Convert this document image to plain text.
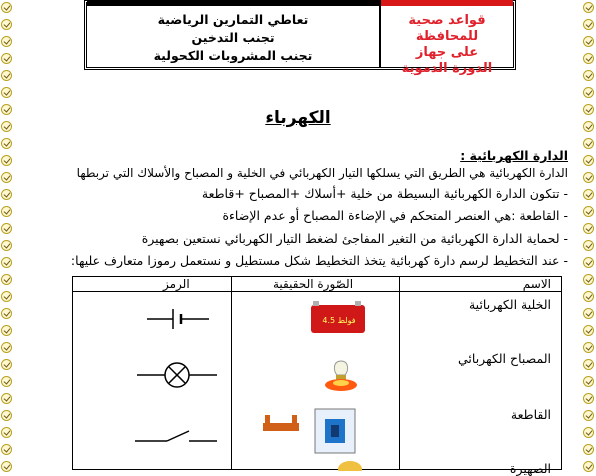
قواعد صحية للمحافظة
على جهاز
الدورة الدموية
تعاطي التمارين الرياضية
تجنب التدخين
تجنب المشروبات الكحولية
الكهرباء
الدارة الكهربائية :
الدارة الكهربائية هي الطريق التي يسلكها التيار الكهربائي في الخلية و المصباح والأسلاك التي تربطها
- تتكون الدارة الكهربائية البسيطة من خلية +أسلاك +المصباح +قاطعة
- القاطعة :هي العنصر المتحكم في الإضاءة المصباح أو عدم الإضاءة
- لحماية الدارة الكهربائية من التغير المفاجئ لضغط التيار الكهربائي نستعين بصهيرة
- عند التخطيط لرسم دارة كهربائية يتخذ التخطيط شكل مستطيل و نستعمل رموزا متعارف عليها:
الاسم
الصّورة الحقيقية
الرمز
الخلية الكهربائية
المصباح الكهربائي
القاطعة
الصهيرة
4.5 فولط
